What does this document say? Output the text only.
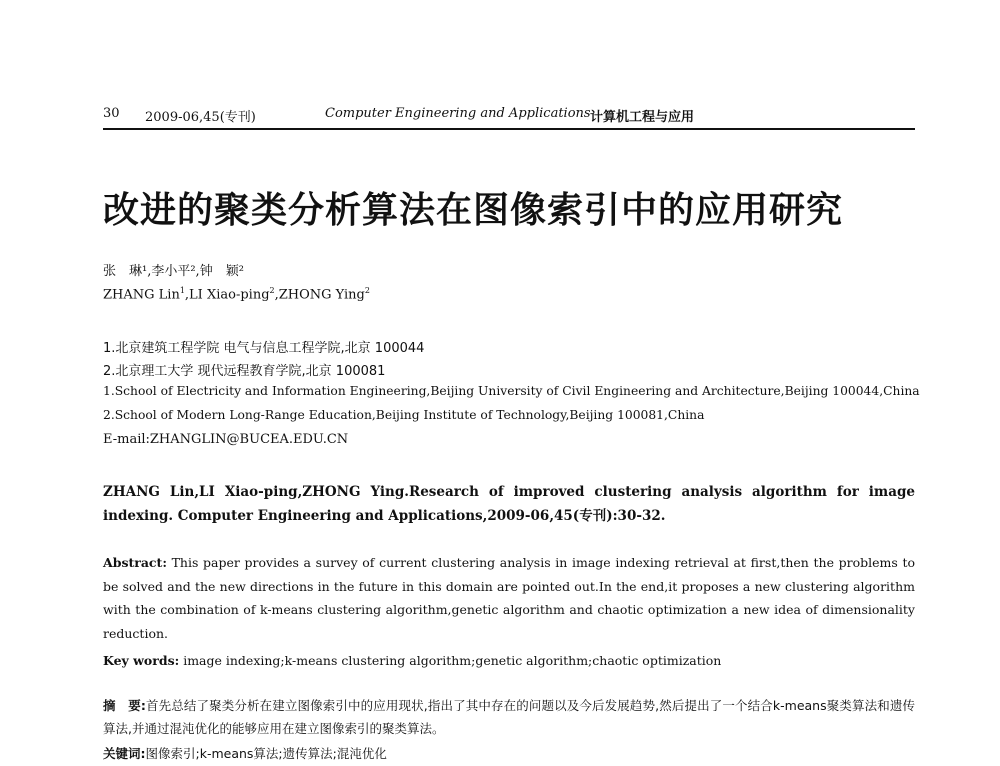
30 2009-06,45(专刊)	Computer Engineering and Applications 计算机工程与应用
改进的聚类分析算法在图像索引中的应用研究
张　琳¹,李小平²,钟　颖²
ZHANG Lin$^1$,LI Xiao-ping$^2$,ZHONG Ying$^2$
1.北京建筑工程学院 电气与信息工程学院,北京 100044
2.北京理工大学 现代远程教育学院,北京 100081
1.School of Electricity and Information Engineering,Beijing University of Civil Engineering and Architecture,Beijing 100044,China
2.School of Modern Long-Range Education,Beijing Institute of Technology,Beijing 100081,China
E-mail:ZHANGLIN@BUCEA.EDU.CN
ZHANG Lin,LI Xiao-ping,ZHONG Ying.Research of improved clustering analysis algorithm for image indexing. Computer Engineering and Applications,2009-06,45(专刊):30-32.
Abstract: This paper provides a survey of current clustering analysis in image indexing retrieval at first,then the problems to be solved and the new directions in the future in this domain are pointed out.In the end,it proposes a new clustering algorithm with the combination of k-means clustering algorithm,genetic algorithm and chaotic optimization a new idea of dimensionality reduction.
Key words: image indexing;k-means clustering algorithm;genetic algorithm;chaotic optimization
摘　要:首先总结了聚类分析在建立图像索引中的应用现状,指出了其中存在的问题以及今后发展趋势,然后提出了一个结合k-means聚类算法和遗传算法,并通过混沌优化的能够应用在建立图像索引的聚类算法。
关键词:图像索引;k-means算法;遗传算法;混沌优化
